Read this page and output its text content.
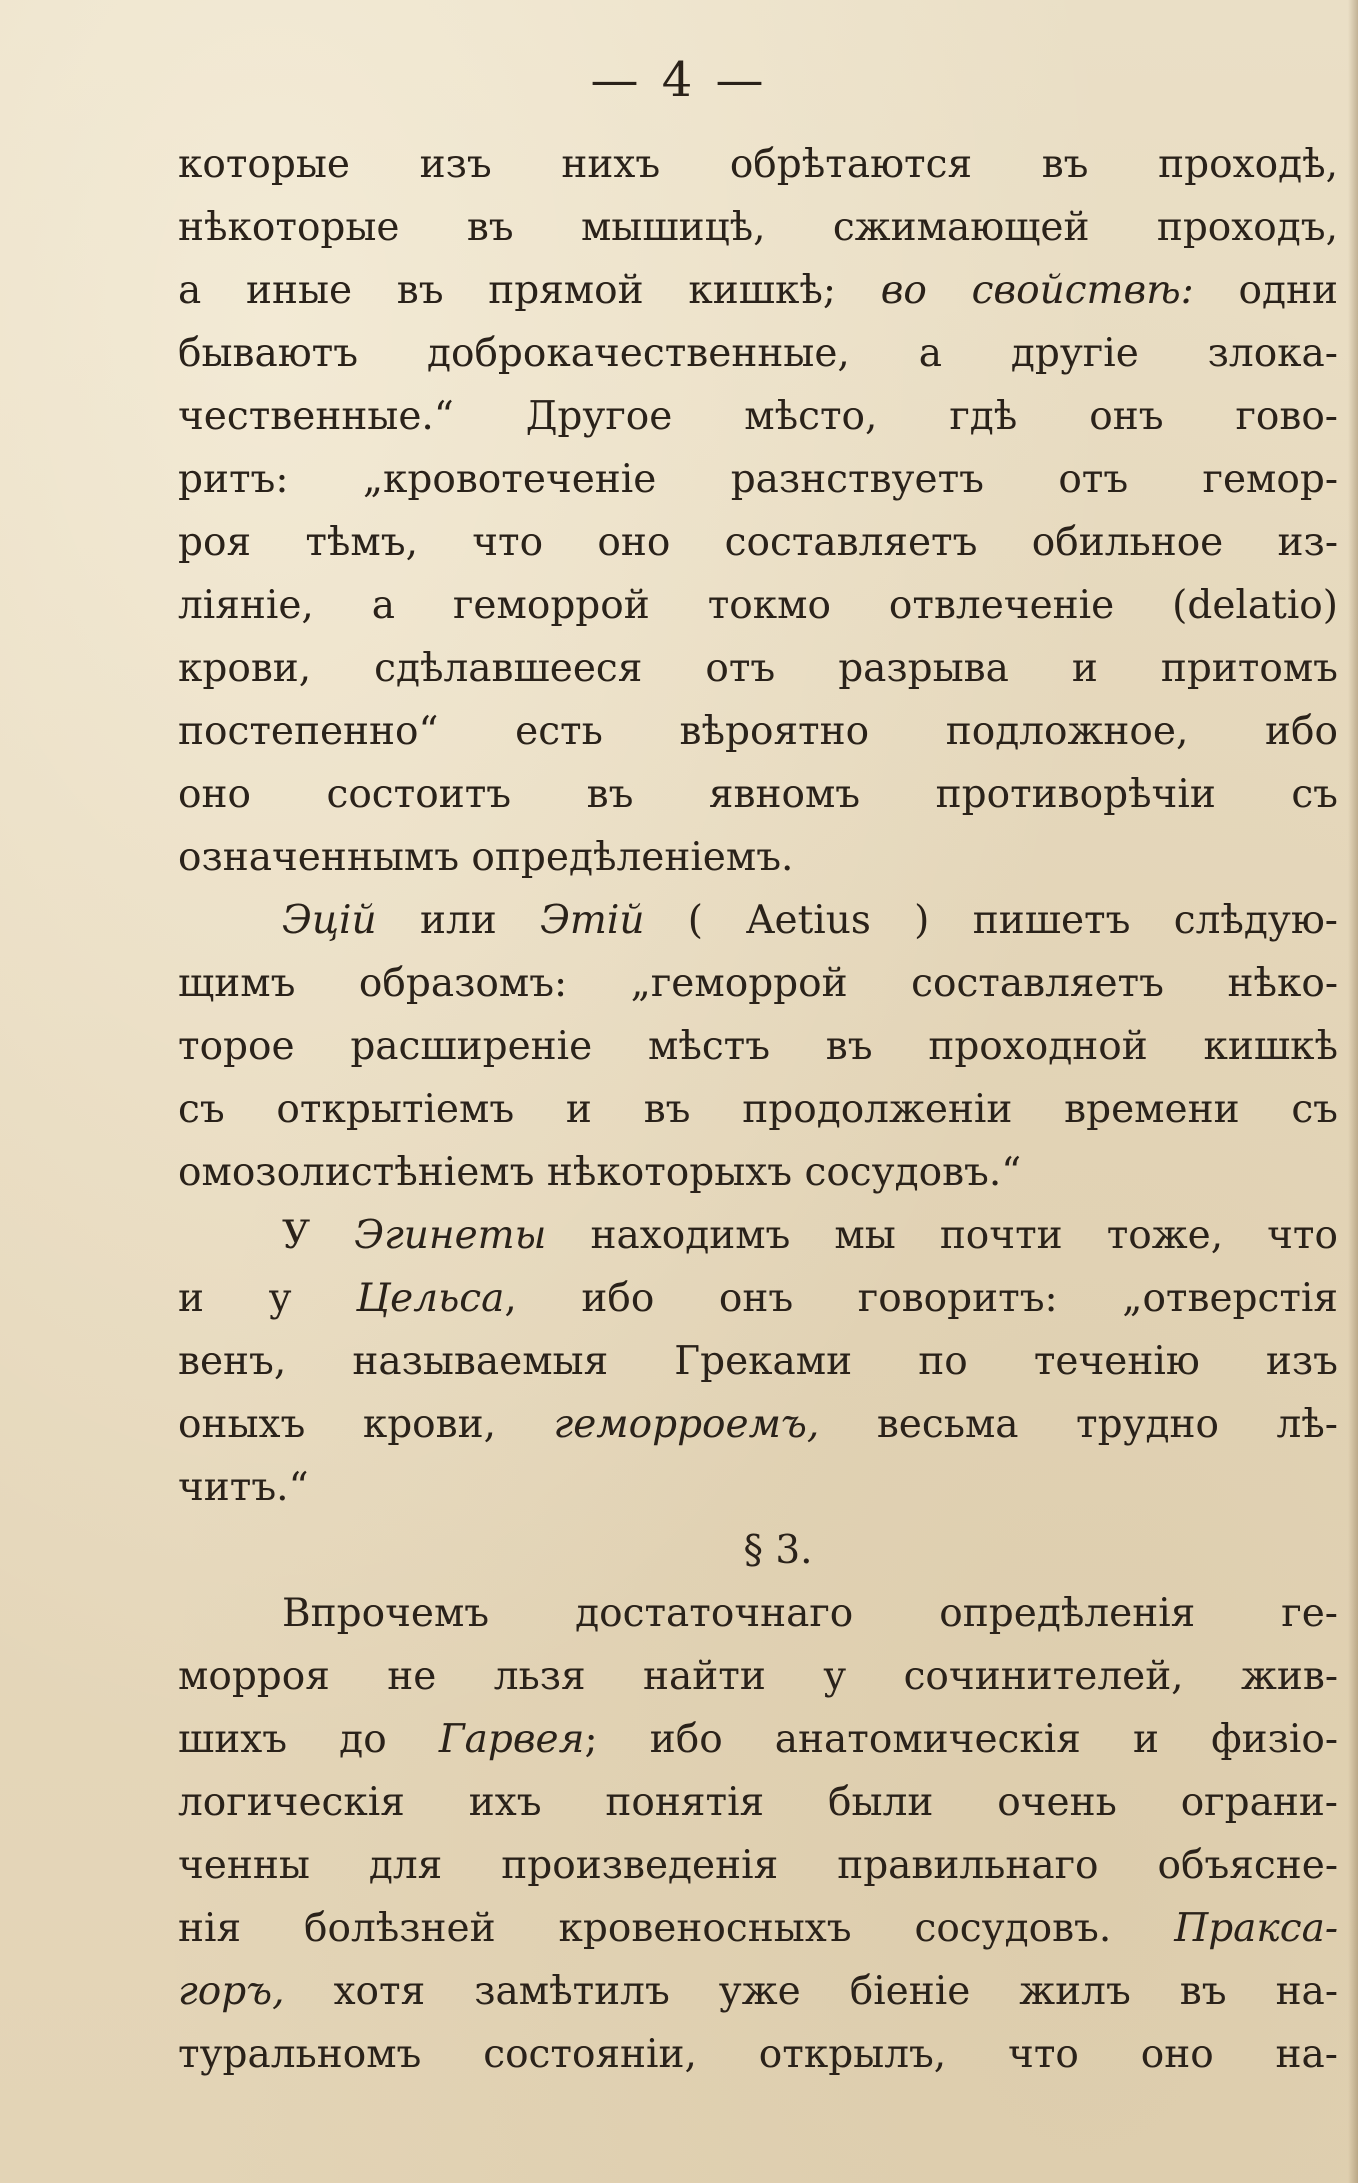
— 4 —
которые изъ нихъ обрѣтаются въ проходѣ,
нѣкоторые въ мышицѣ, сжимающей проходъ,
а иные въ прямой кишкѣ; во свойствѣ: одни
бываютъ доброкачественные, а другіе злока-
чественные.“ Другое мѣсто, гдѣ онъ гово-
ритъ: „кровотеченіе разнствуетъ отъ гемор-
роя тѣмъ, что оно составляетъ обильное из-
ліяніе, а геморрой токмо отвлеченіе (delatio)
крови, сдѣлавшееся отъ разрыва и притомъ
постепенно“ есть вѣроятно подложное, ибо
оно состоитъ въ явномъ противорѣчіи съ
означеннымъ опредѣленіемъ.
Эцій или Этій ( Aetius ) пишетъ слѣдую-
щимъ образомъ: „геморрой составляетъ нѣко-
торое расширеніе мѣстъ въ проходной кишкѣ
съ открытіемъ и въ продолженіи времени съ
омозолистѣніемъ нѣкоторыхъ сосудовъ.“
У Эгинеты находимъ мы почти тоже, что
и у Цельса, ибо онъ говоритъ: „отверстія
венъ, называемыя Греками по теченію изъ
оныхъ крови, геморроемъ, весьма трудно лѣ-
читъ.“
§ 3.
Впрочемъ достаточнаго опредѣленія ге-
морроя не льзя найти у сочинителей, жив-
шихъ до Гарвея; ибо анатомическія и физіо-
логическія ихъ понятія были очень ограни-
ченны для произведенія правильнаго объясне-
нія болѣзней кровеносныхъ сосудовъ. Пракса-
горъ, хотя замѣтилъ уже біеніе жилъ въ на-
туральномъ состояніи, открылъ, что оно на-
